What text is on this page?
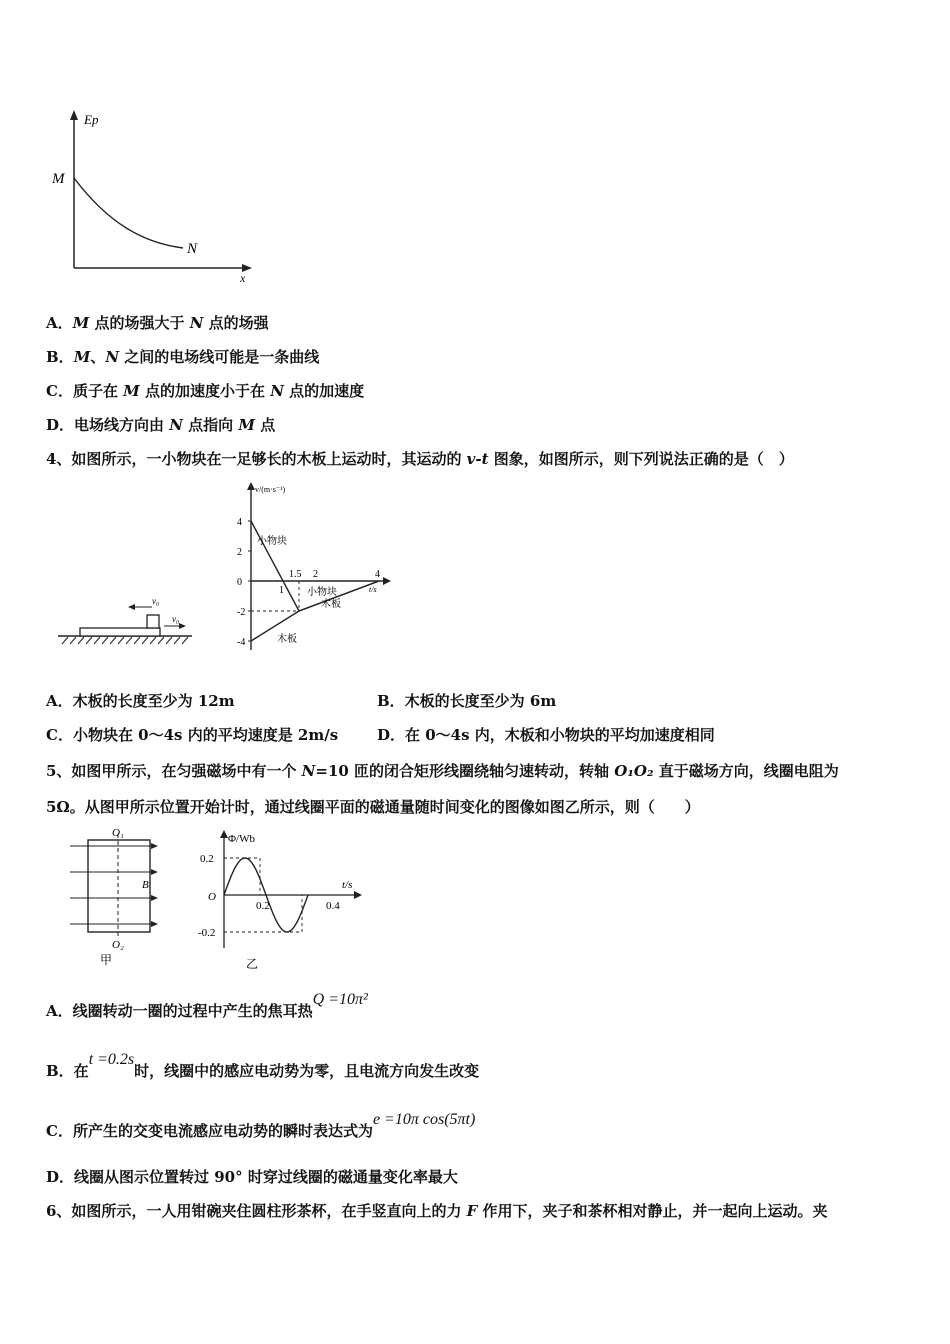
Ep
x
M
N
A．M 点的场强大于 N 点的场强
B．M、N 之间的电场线可能是一条曲线
C．质子在 M 点的加速度小于在 N 点的加速度
D．电场线方向由 N 点指向 M 点
4、如图所示，一小物块在一足够长的木板上运动时，其运动的 v-t 图象，如图所示，则下列说法正确的是（　）
v₀
v₀
v/(m·s⁻¹)
t/s
4
2
0
-2
-4
1
1.5 2	4
小物块
小物块
木板
木板
A．木板的长度至少为 12m	B．木板的长度至少为 6m
C．小物块在 0～4s 内的平均速度是 2m/s	D．在 0～4s 内，木板和小物块的平均加速度相同
5、如图甲所示，在匀强磁场中有一个 N=10 匝的闭合矩形线圈绕轴匀速转动，转轴 O₁O₂ 直于磁场方向，线圈电阻为
5Ω。从图甲所示位置开始计时，通过线圈平面的磁通量随时间变化的图像如图乙所示，则（　　）
O₁
O₂
B
甲
Φ/Wb
t/s
O
0.2
-0.2
0.2	0.4
乙
A．线圈转动一圈的过程中产生的焦耳热Q =10π²
B．在t =0.2s时，线圈中的感应电动势为零，且电流方向发生改变
C．所产生的交变电流感应电动势的瞬时表达式为e =10π cos(5πt)
D．线圈从图示位置转过 90° 时穿过线圈的磁通量变化率最大
6、如图所示，一人用钳碗夹住圆柱形茶杯，在手竖直向上的力 F 作用下，夹子和茶杯相对静止，并一起向上运动。夹
